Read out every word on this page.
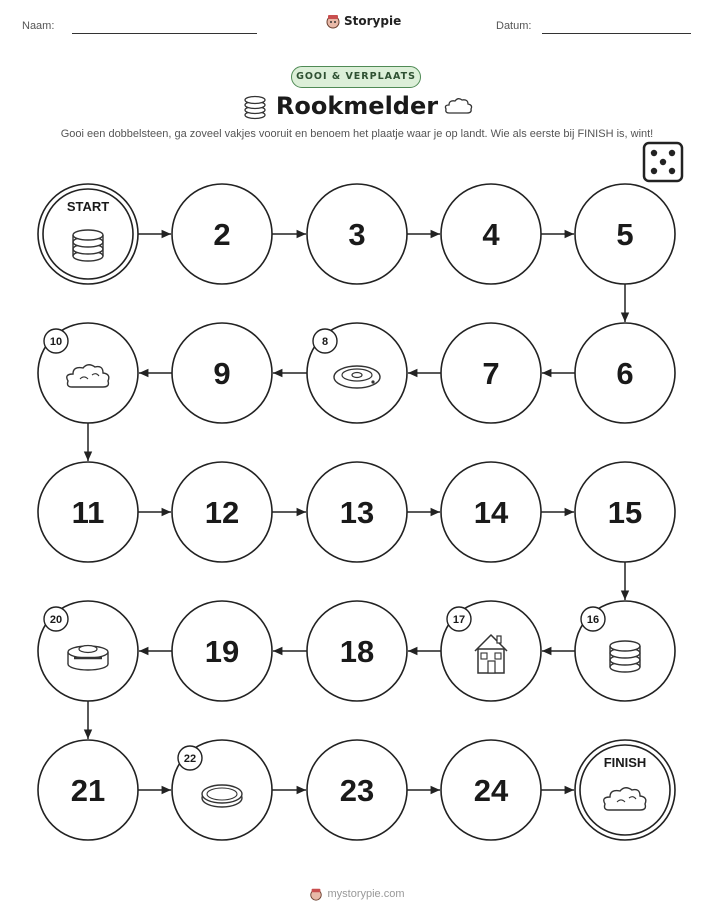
Naam:	Storypie	Datum:
GOOI & VERPLAATS
Rookmelder
Gooi een dobbelsteen, ga zoveel vakjes vooruit en benoem het plaatje waar je op landt. Wie als eerste bij FINISH is, wint!
START
2	3	4	5
6
7
8
9
10
11	12	13	14	15
16
17
18
19
20
21
22
23	24
FINISH
mystorypie.com
